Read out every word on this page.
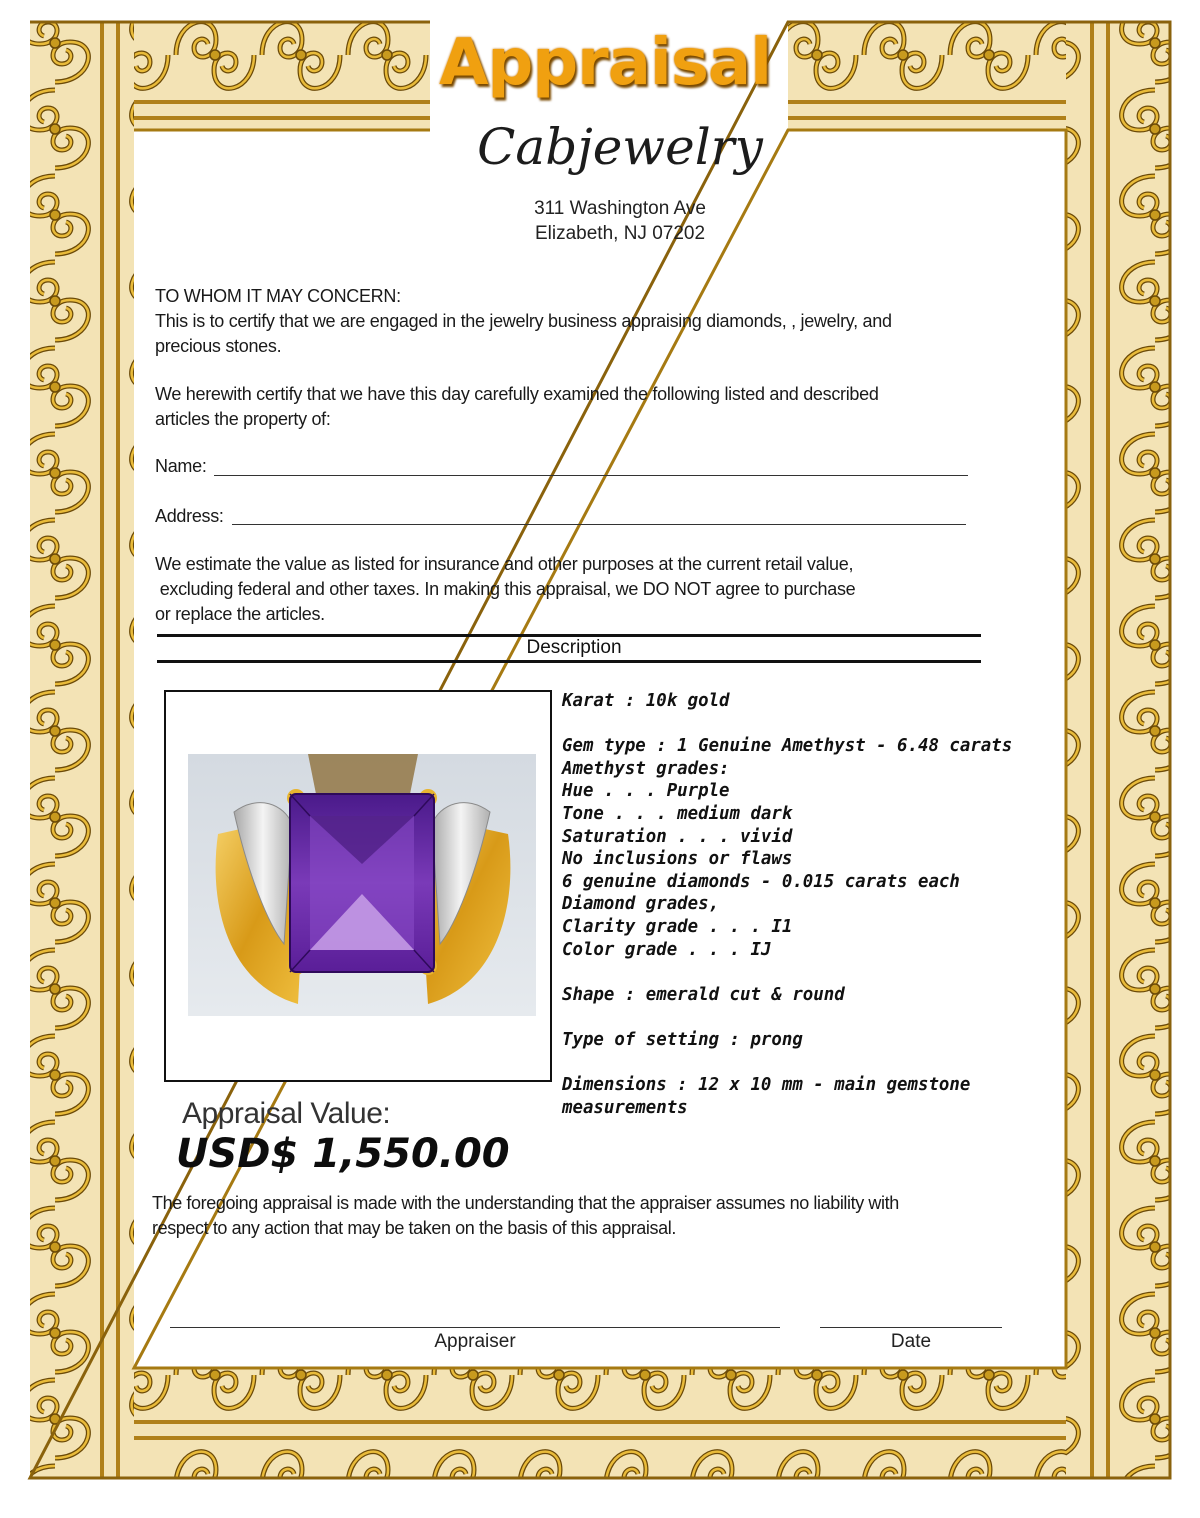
Appraisal
Cabjewelry
311 Washington Ave
Elizabeth, NJ 07202
TO WHOM IT MAY CONCERN:
This is to certify that we are engaged in the jewelry business appraising diamonds, , jewelry, and
precious stones.
We herewith certify that we have this day carefully examined the following listed and described
articles the property of:
Name:
Address:
We estimate the value as listed for insurance and other purposes at the current retail value,
excluding federal and other taxes. In making this appraisal, we DO NOT agree to purchase
or replace the articles.
Description
Karat : 10k gold
Gem type : 1 Genuine Amethyst - 6.48 carats
Amethyst grades:
Hue . . . Purple
Tone . . . medium dark
Saturation . . . vivid
No inclusions or flaws
6 genuine diamonds - 0.015 carats each
Diamond grades,
Clarity grade . . . I1
Color grade . . . IJ
Shape : emerald cut & round
Type of setting : prong
Dimensions : 12 x 10 mm - main gemstone
measurements
Appraisal Value:
USD$ 1,550.00
The foregoing appraisal is made with the understanding that the appraiser assumes no liability with
respect to any action that may be taken on the basis of this appraisal.
Appraiser	Date
